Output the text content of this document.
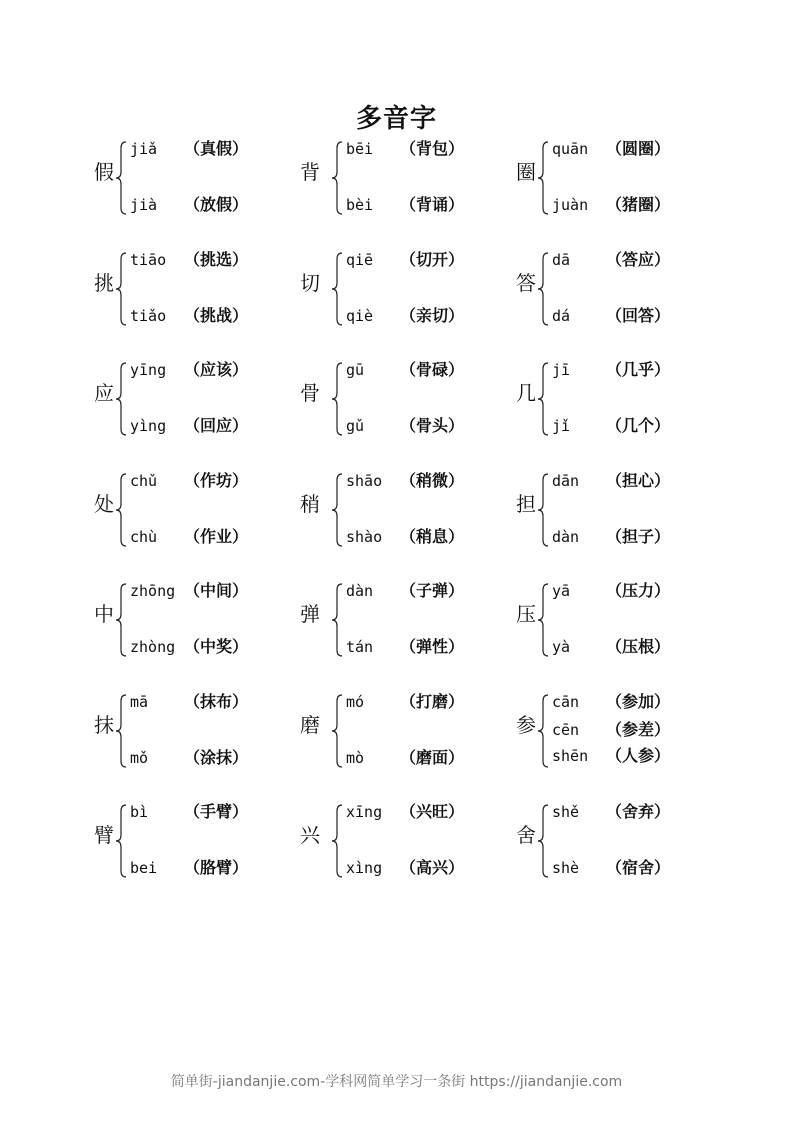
多音字
假
jiǎ （真假）
jià （放假）
挑
tiāo （挑选）
tiǎo （挑战）
应
yīng （应该）
yìng （回应）
处
chǔ （作坊）
chù （作业）
中
zhōng （中间）
zhòng （中奖）
抹
mā （抹布）
mǒ （涂抹）
臂
bì （手臂）
bei （胳臂）
背
bēi （背包）
bèi （背诵）
切
qiē （切开）
qiè （亲切）
骨
gū （骨碌）
gǔ （骨头）
稍
shāo （稍微）
shào （稍息）
弹
dàn （子弹）
tán （弹性）
磨
mó （打磨）
mò （磨面）
兴
xīng （兴旺）
xìng （高兴）
圈
quān （圆圈）
juàn （猪圈）
答
dā （答应）
dá （回答）
几
jī （几乎）
jǐ （几个）
担
dān （担心）
dàn （担子）
压
yā （压力）
yà （压根）
参
cān （参加）
cēn （参差）
shēn （人参）
舍
shě （舍弃）
shè （宿舍）
简单街-jiandanjie.com-学科网简单学习一条街 https://jiandanjie.com
